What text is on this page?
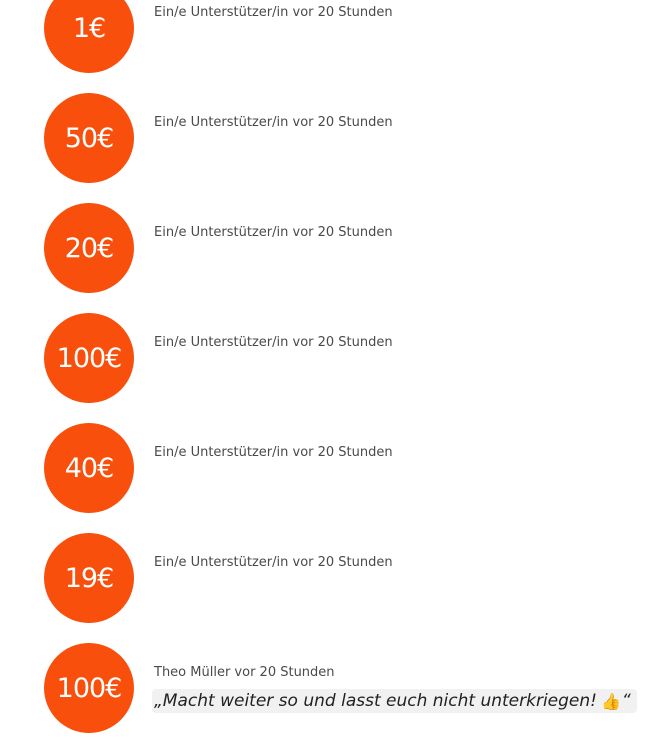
1€	Ein/e Unterstützer/in vor 20 Stunden
50€	Ein/e Unterstützer/in vor 20 Stunden
20€	Ein/e Unterstützer/in vor 20 Stunden
100€	Ein/e Unterstützer/in vor 20 Stunden
40€	Ein/e Unterstützer/in vor 20 Stunden
19€	Ein/e Unterstützer/in vor 20 Stunden
100€	Theo Müller vor 20 Stunden
„Macht weiter so und lasst euch nicht unterkriegen! 👍 “
